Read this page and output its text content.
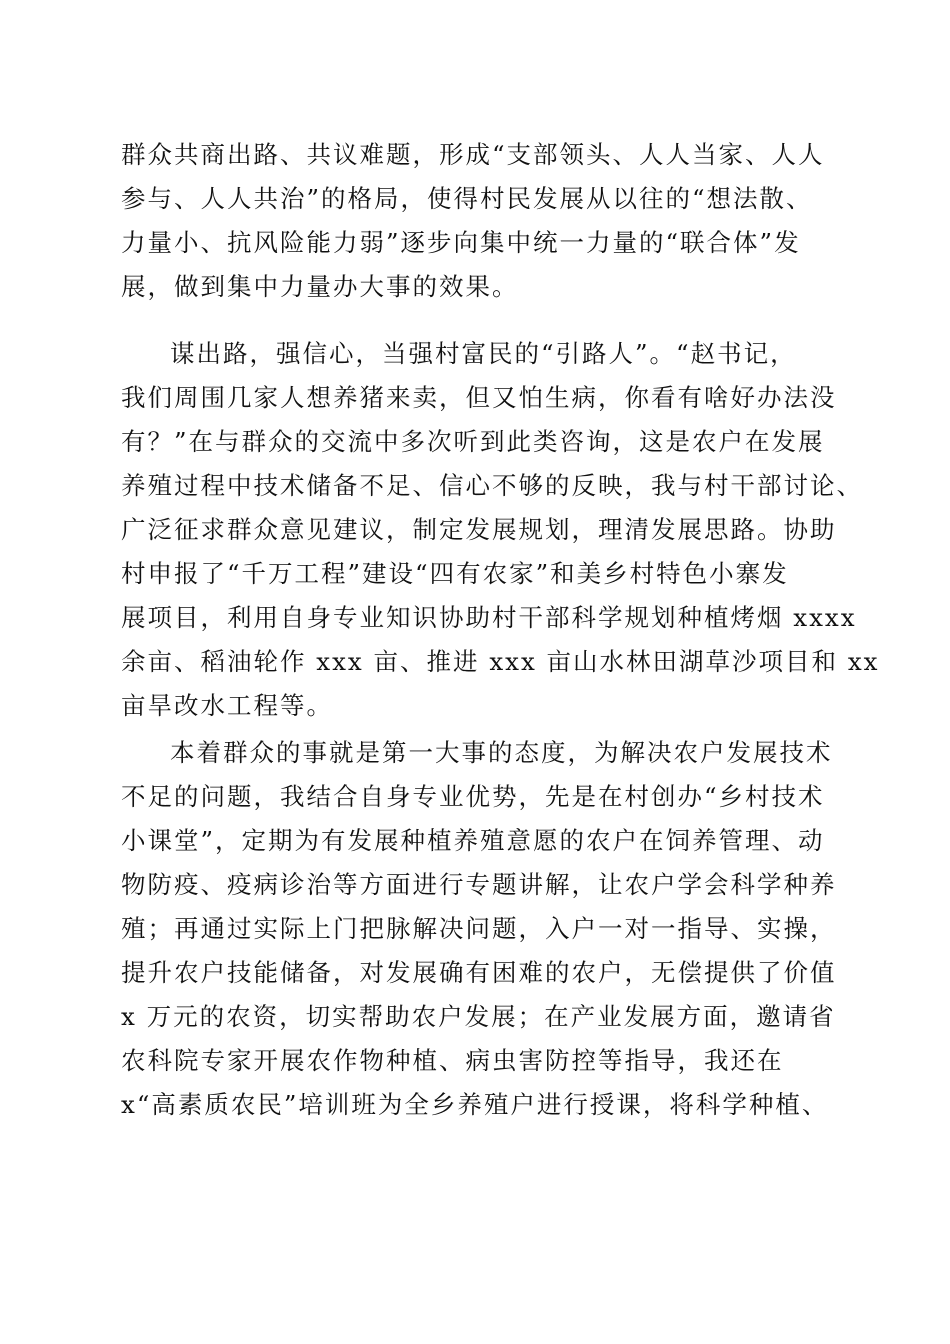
群众共商出路、共议难题，形成“支部领头、人人当家、人人
参与、人人共治”的格局，使得村民发展从以往的“想法散、
力量小、抗风险能力弱”逐步向集中统一力量的“联合体”发
展，做到集中力量办大事的效果。
谋出路，强信心，当强村富民的“引路人”。“赵书记，
我们周围几家人想养猪来卖，但又怕生病，你看有啥好办法没
有？”在与群众的交流中多次听到此类咨询，这是农户在发展
养殖过程中技术储备不足、信心不够的反映，我与村干部讨论、
广泛征求群众意见建议，制定发展规划，理清发展思路。协助
村申报了“千万工程”建设“四有农家”和美乡村特色小寨发
展项目，利用自身专业知识协助村干部科学规划种植烤烟 xxxx
余亩、稻油轮作 xxx 亩、推进 xxx 亩山水林田湖草沙项目和 xx
亩旱改水工程等。
本着群众的事就是第一大事的态度，为解决农户发展技术
不足的问题，我结合自身专业优势，先是在村创办“乡村技术
小课堂”，定期为有发展种植养殖意愿的农户在饲养管理、动
物防疫、疫病诊治等方面进行专题讲解，让农户学会科学种养
殖；再通过实际上门把脉解决问题，入户一对一指导、实操，
提升农户技能储备，对发展确有困难的农户，无偿提供了价值
x 万元的农资，切实帮助农户发展；在产业发展方面，邀请省
农科院专家开展农作物种植、病虫害防控等指导，我还在
x“高素质农民”培训班为全乡养殖户进行授课，将科学种植、
